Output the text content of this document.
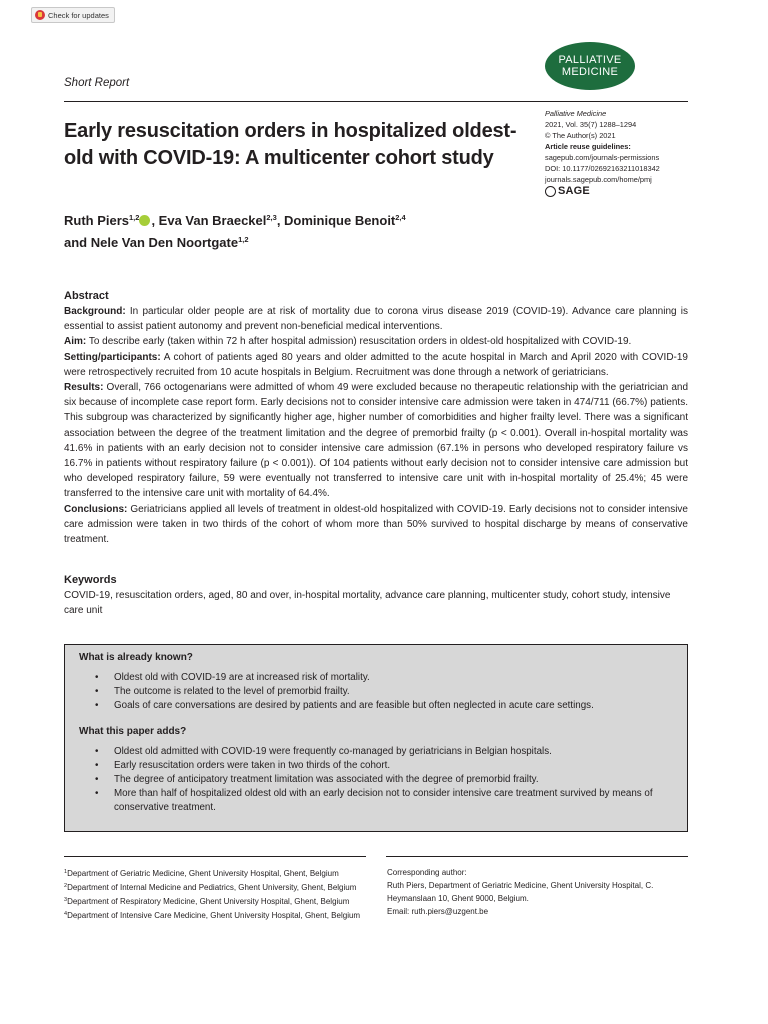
Check for updates
PALLIATIVE
MEDICINE
Short Report
Palliative Medicine
2021, Vol. 35(7) 1288–1294
© The Author(s) 2021
Article reuse guidelines:
sagepub.com/journals-permissions
DOI: 10.1177/02692163211018342
journals.sagepub.com/home/pmj
SAGE
Early resuscitation orders in hospitalized oldest-old with COVID-19: A multicenter cohort study
Ruth Piers$^{1,2}$ , Eva Van Braeckel$^{2,3}$, Dominique Benoit$^{2,4}$
and Nele Van Den Noortgate$^{1,2}$
Abstract

Background: In particular older people are at risk of mortality due to corona virus disease 2019 (COVID-19). Advance care planning is essential to assist patient autonomy and prevent non-beneficial medical interventions.

Aim: To describe early (taken within 72 h after hospital admission) resuscitation orders in oldest-old hospitalized with COVID-19.

Setting/participants: A cohort of patients aged 80 years and older admitted to the acute hospital in March and April 2020 with COVID-19 were retrospectively recruited from 10 acute hospitals in Belgium. Recruitment was done through a network of geriatricians.

Results: Overall, 766 octogenarians were admitted of whom 49 were excluded because no therapeutic relationship with the geriatrician and six because of incomplete case report form. Early decisions not to consider intensive care admission were taken in 474/711 (66.7%) patients. This subgroup was characterized by significantly higher age, higher number of comorbidities and higher frailty level. There was a significant association between the degree of the treatment limitation and the degree of premorbid frailty (p < 0.001). Overall in-hospital mortality was 41.6% in patients with an early decision not to consider intensive care admission (67.1% in persons who developed respiratory failure vs 16.7% in patients without respiratory failure (p < 0.001)). Of 104 patients without early decision not to consider intensive care admission but who developed respiratory failure, 59 were eventually not transferred to intensive care unit with in-hospital mortality of 25.4%; 45 were transferred to the intensive care unit with mortality of 64.4%.

Conclusions: Geriatricians applied all levels of treatment in oldest-old hospitalized with COVID-19. Early decisions not to consider intensive care admission were taken in two thirds of the cohort of whom more than 50% survived to hospital discharge by means of conservative treatment.

Keywords
COVID-19, resuscitation orders, aged, 80 and over, in-hospital mortality, advance care planning, multicenter study, cohort study, intensive care unit
What is already known?
• Oldest old with COVID-19 are at increased risk of mortality.
• The outcome is related to the level of premorbid frailty.
• Goals of care conversations are desired by patients and are feasible but often neglected in acute care settings.
What this paper adds?
• Oldest old admitted with COVID-19 were frequently co-managed by geriatricians in Belgian hospitals.
• Early resuscitation orders were taken in two thirds of the cohort.
• The degree of anticipatory treatment limitation was associated with the degree of premorbid frailty.
• More than half of hospitalized oldest old with an early decision not to consider intensive care treatment survived by means of conservative treatment.
$^1$Department of Geriatric Medicine, Ghent University Hospital, Ghent, Belgium
$^2$Department of Internal Medicine and Pediatrics, Ghent University, Ghent, Belgium
$^3$Department of Respiratory Medicine, Ghent University Hospital, Ghent, Belgium
$^4$Department of Intensive Care Medicine, Ghent University Hospital, Ghent, Belgium
Corresponding author:
Ruth Piers, Department of Geriatric Medicine, Ghent University Hospital, C. Heymanslaan 10, Ghent 9000, Belgium.
Email: ruth.piers@uzgent.be
